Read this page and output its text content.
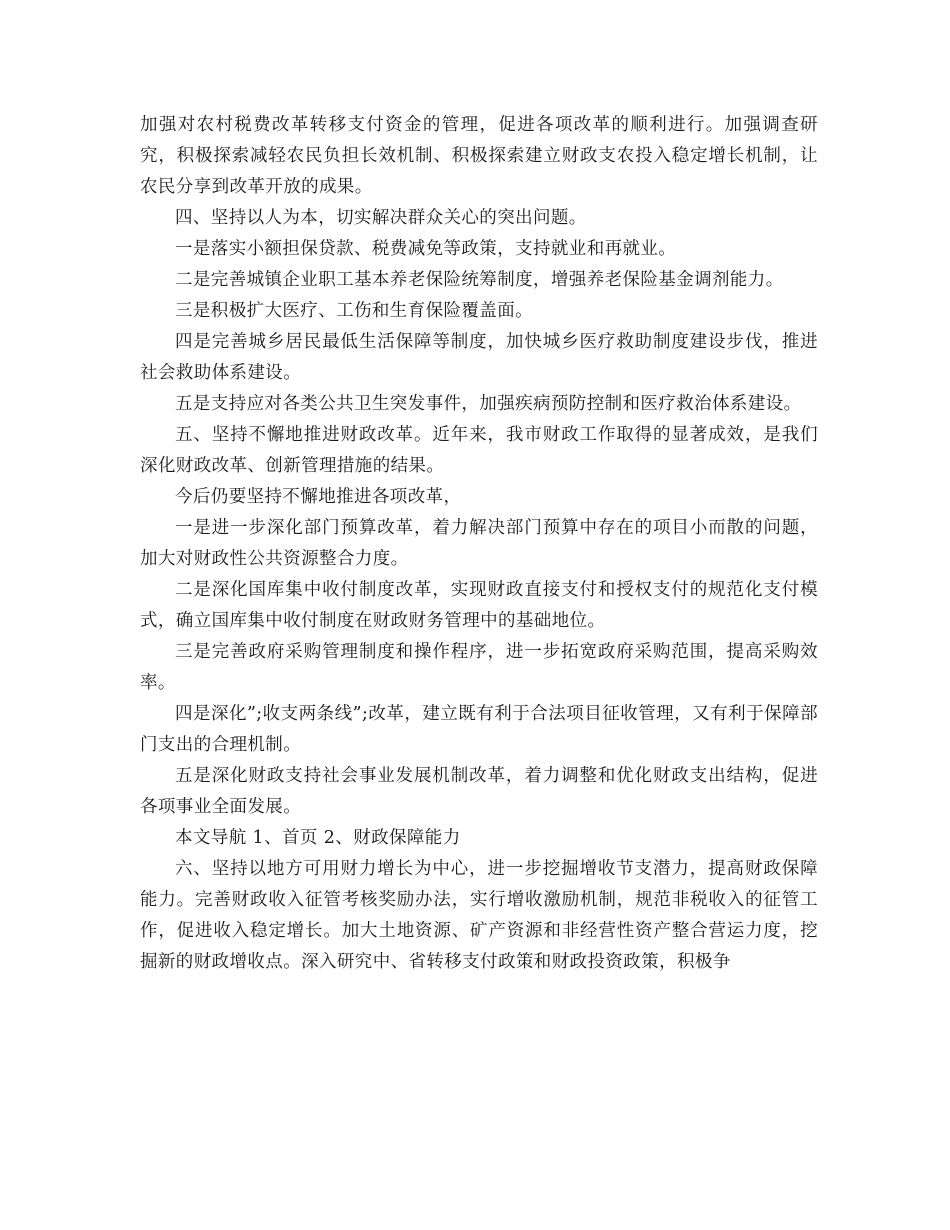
加强对农村税费改革转移支付资金的管理，促进各项改革的顺利进行。加强调查研究，积极探索减轻农民负担长效机制、积极探索建立财政支农投入稳定增长机制，让农民分享到改革开放的成果。

四、坚持以人为本，切实解决群众关心的突出问题。

一是落实小额担保贷款、税费减免等政策，支持就业和再就业。

二是完善城镇企业职工基本养老保险统筹制度，增强养老保险基金调剂能力。

三是积极扩大医疗、工伤和生育保险覆盖面。

四是完善城乡居民最低生活保障等制度，加快城乡医疗救助制度建设步伐，推进社会救助体系建设。

五是支持应对各类公共卫生突发事件，加强疾病预防控制和医疗救治体系建设。

五、坚持不懈地推进财政改革。近年来，我市财政工作取得的显著成效，是我们深化财政改革、创新管理措施的结果。

今后仍要坚持不懈地推进各项改革，

一是进一步深化部门预算改革，着力解决部门预算中存在的项目小而散的问题，加大对财政性公共资源整合力度。

二是深化国库集中收付制度改革，实现财政直接支付和授权支付的规范化支付模式，确立国库集中收付制度在财政财务管理中的基础地位。

三是完善政府采购管理制度和操作程序，进一步拓宽政府采购范围，提高采购效率。

四是深化”;收支两条线”;改革，建立既有利于合法项目征收管理，又有利于保障部门支出的合理机制。

五是深化财政支持社会事业发展机制改革，着力调整和优化财政支出结构，促进各项事业全面发展。

本文导航 1、首页 2、财政保障能力

六、坚持以地方可用财力增长为中心，进一步挖掘增收节支潜力，提高财政保障能力。完善财政收入征管考核奖励办法，实行增收激励机制，规范非税收入的征管工作，促进收入稳定增长。加大土地资源、矿产资源和非经营性资产整合营运力度，挖掘新的财政增收点。深入研究中、省转移支付政策和财政投资政策，积极争
